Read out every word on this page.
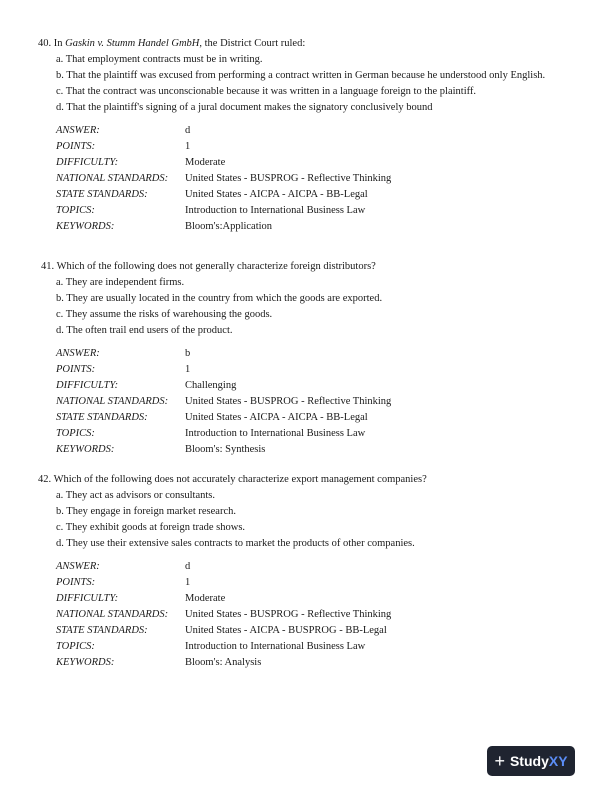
40. In Gaskin v. Stumm Handel GmbH, the District Court ruled:

a. That employment contracts must be in writing.
b. That the plaintiff was excused from performing a contract written in German because he understood only English.
c. That the contract was unconscionable because it was written in a language foreign to the plaintiff.
d. That the plaintiff's signing of a jural document makes the signatory conclusively bound
ANSWER:	d
POINTS:	1
DIFFICULTY:	Moderate
NATIONAL STANDARDS:	United States - BUSPROG - Reflective Thinking
STATE STANDARDS:	United States - AICPA - AICPA - BB-Legal
TOPICS:	Introduction to International Business Law
KEYWORDS:	Bloom's:Application

41. Which of the following does not generally characterize foreign distributors?

a. They are independent firms.
b. They are usually located in the country from which the goods are exported.
c. They assume the risks of warehousing the goods.
d. The often trail end users of the product.
ANSWER:	b
POINTS:	1
DIFFICULTY:	Challenging
NATIONAL STANDARDS:	United States - BUSPROG - Reflective Thinking
STATE STANDARDS:	United States - AICPA - AICPA - BB-Legal
TOPICS:	Introduction to International Business Law
KEYWORDS:	Bloom's: Synthesis

42. Which of the following does not accurately characterize export management companies?

a. They act as advisors or consultants.
b. They engage in foreign market research.
c. They exhibit goods at foreign trade shows.
d. They use their extensive sales contracts to market the products of other companies.
ANSWER:	d
POINTS:	1
DIFFICULTY:	Moderate
NATIONAL STANDARDS:	United States - BUSPROG - Reflective Thinking
STATE STANDARDS:	United States - AICPA - BUSPROG - BB-Legal
TOPICS:	Introduction to International Business Law
KEYWORDS:	Bloom's: Analysis
+ StudyXY
